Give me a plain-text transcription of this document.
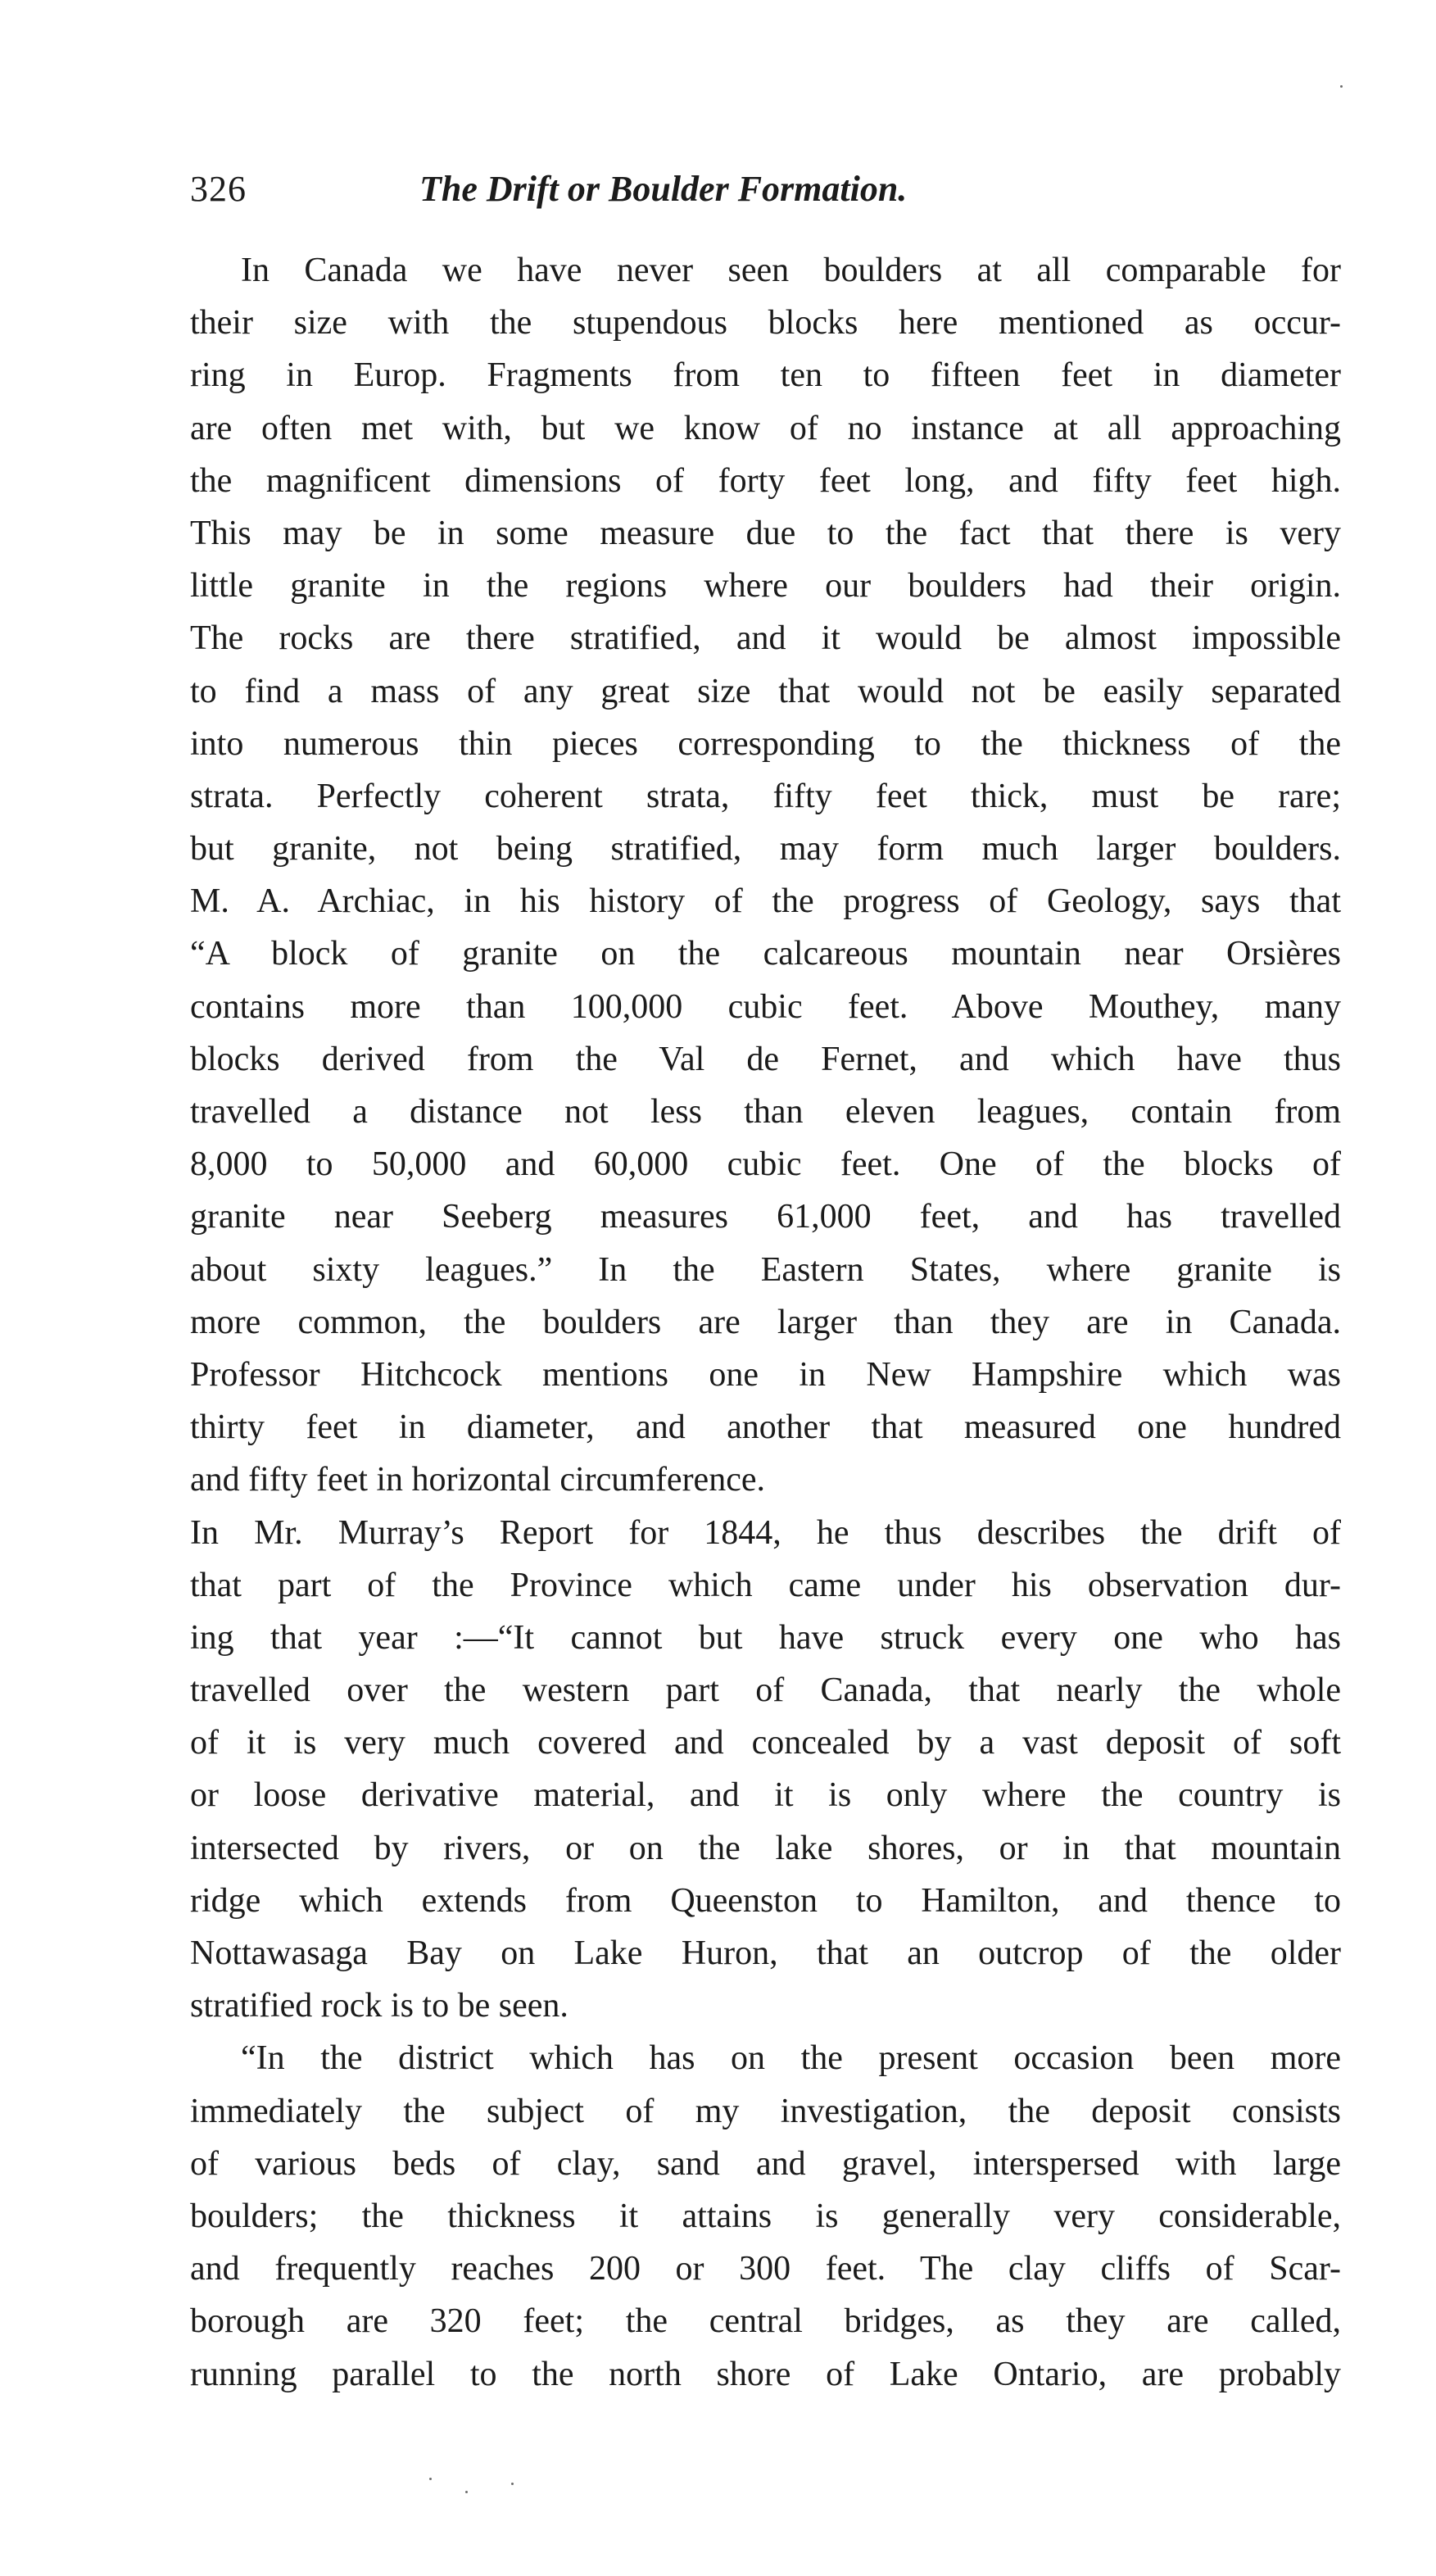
326	The Drift or Boulder Formation.
In Canada we have never seen boulders at all comparable for
their size with the stupendous blocks here mentioned as occur-
ring in Europ. Fragments from ten to fifteen feet in diameter
are often met with, but we know of no instance at all approaching
the magnificent dimensions of forty feet long, and fifty feet high.
This may be in some measure due to the fact that there is very
little granite in the regions where our boulders had their origin.
The rocks are there stratified, and it would be almost impossible
to find a mass of any great size that would not be easily separated
into numerous thin pieces corresponding to the thickness of the
strata. Perfectly coherent strata, fifty feet thick, must be rare;
but granite, not being stratified, may form much larger boulders.
M. A. Archiac, in his history of the progress of Geology, says that
“A block of granite on the calcareous mountain near Orsières
contains more than 100,000 cubic feet. Above Mouthey, many
blocks derived from the Val de Fernet, and which have thus
travelled a distance not less than eleven leagues, contain from
8,000 to 50,000 and 60,000 cubic feet. One of the blocks of
granite near Seeberg measures 61,000 feet, and has travelled
about sixty leagues.” In the Eastern States, where granite is
more common, the boulders are larger than they are in Canada.
Professor Hitchcock mentions one in New Hampshire which was
thirty feet in diameter, and another that measured one hundred
and fifty feet in horizontal circumference.
In Mr. Murray’s Report for 1844, he thus describes the drift of
that part of the Province which came under his observation dur-
ing that year :—“It cannot but have struck every one who has
travelled over the western part of Canada, that nearly the whole
of it is very much covered and concealed by a vast deposit of soft
or loose derivative material, and it is only where the country is
intersected by rivers, or on the lake shores, or in that mountain
ridge which extends from Queenston to Hamilton, and thence to
Nottawasaga Bay on Lake Huron, that an outcrop of the older
stratified rock is to be seen.
“In the district which has on the present occasion been more
immediately the subject of my investigation, the deposit consists
of various beds of clay, sand and gravel, interspersed with large
boulders; the thickness it attains is generally very considerable,
and frequently reaches 200 or 300 feet. The clay cliffs of Scar-
borough are 320 feet; the central bridges, as they are called,
running parallel to the north shore of Lake Ontario, are probably
